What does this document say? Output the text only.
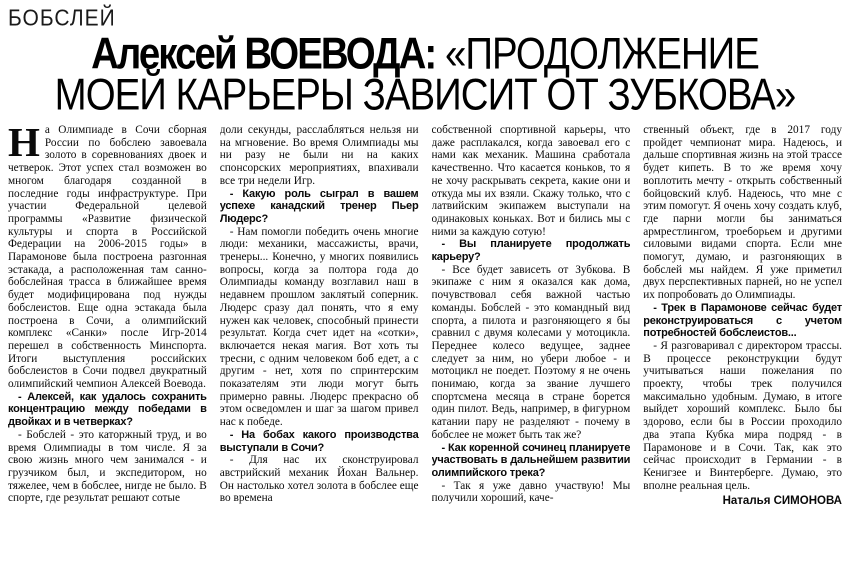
БОБСЛЕЙ
Алексей ВОЕВОДА: «ПРОДОЛЖЕНИЕ
МОЕЙ КАРЬЕРЫ ЗАВИСИТ ОТ ЗУБКОВА»

На Олимпиаде в Сочи сборная России по бобслею завоевала золото в соревнованиях двоек и четверок. Этот успех стал возможен во многом благодаря созданной в последние годы инфраструктуре. При участии Федеральной целевой программы «Развитие физической культуры и спорта в Российской Федерации на 2006-2015 годы» в Парамонове была построена разгонная эстакада, а расположенная там санно-бобслейная трасса в ближайшее время будет модифицирована под нужды бобслеистов. Еще одна эстакада была построена в Сочи, а олимпийский комплекс «Санки» после Игр-2014 перешел в собственность Минспорта. Итоги выступления российских бобслеистов в Сочи подвел двукратный олимпийский чемпион Алексей Воевода.

- Алексей, как удалось сохранить концентрацию между победами в двойках и в четверках?

- Бобслей - это каторжный труд, и во время Олимпиады в том числе. Я за свою жизнь много чем занимался - и грузчиком был, и экспедитором, но тяжелее, чем в бобслее, нигде не было. В спорте, где результат решают сотые

доли секунды, расслабляться нельзя ни на мгновение. Во время Олимпиады мы ни разу не были ни на каких спонсорских мероприятиях, впахивали все три недели Игр.

- Какую роль сыграл в вашем успехе канадский тренер Пьер Людерс?

- Нам помогли победить очень многие люди: механики, массажисты, врачи, тренеры... Конечно, у многих появились вопросы, когда за полтора года до Олимпиады команду возглавил наш в недавнем прошлом заклятый соперник. Людерс сразу дал понять, что я ему нужен как человек, способный принести результат. Когда счет идет на «сотки», включается некая магия. Вот хоть ты тресни, с одним человеком боб едет, а с другим - нет, хотя по спринтерским показателям эти люди могут быть примерно равны. Людерс прекрасно об этом осведомлен и шаг за шагом привел нас к победе.

- На бобах какого производства выступали в Сочи?

- Для нас их сконструировал австрийский механик Йохан Вальнер. Он настолько хотел золота в бобслее еще во времена

собственной спортивной карьеры, что даже расплакался, когда завоевал его с нами как механик. Машина сработала качественно. Что касается коньков, то я не хочу раскрывать секрета, какие они и откуда мы их взяли. Скажу только, что с латвийским экипажем выступали на одинаковых коньках. Вот и бились мы с ними за каждую сотую!

- Вы планируете продолжать карьеру?

- Все будет зависеть от Зубкова. В экипаже с ним я оказался как дома, почувствовал себя важной частью команды. Бобслей - это командный вид спорта, а пилота и разгоняющего я бы сравнил с двумя колесами у мотоцикла. Переднее колесо ведущее, заднее следует за ним, но убери любое - и мотоцикл не поедет. Поэтому я не очень понимаю, когда за звание лучшего спортсмена месяца в стране борется один пилот. Ведь, например, в фигурном катании пару не разделяют - почему в бобслее не может быть так же?

- Как коренной сочинец планируете участвовать в дальнейшем развитии олимпийского трека?

- Так я уже давно участвую! Мы получили хороший, каче-

ственный объект, где в 2017 году пройдет чемпионат мира. Надеюсь, и дальше спортивная жизнь на этой трассе будет кипеть. В то же время хочу воплотить мечту - открыть собственный бойцовский клуб. Надеюсь, что мне с этим помогут. Я очень хочу создать клуб, где парни могли бы заниматься армрестлингом, троеборьем и другими силовыми видами спорта. Если мне помогут, думаю, и разгоняющих в бобслей мы найдем. Я уже приметил двух перспективных парней, но не успел их попробовать до Олимпиады.

- Трек в Парамонове сейчас будет реконструироваться с учетом потребностей бобслеистов...

- Я разговаривал с директором трассы. В процессе реконструкции будут учитываться наши пожелания по проекту, чтобы трек получился максимально удобным. Думаю, в итоге выйдет хороший комплекс. Было бы здорово, если бы в России проходило два этапа Кубка мира подряд - в Парамонове и в Сочи. Так, как это сейчас происходит в Германии - в Кенигзее и Винтерберге. Думаю, это вполне реальная цель.

Наталья СИМОНОВА
